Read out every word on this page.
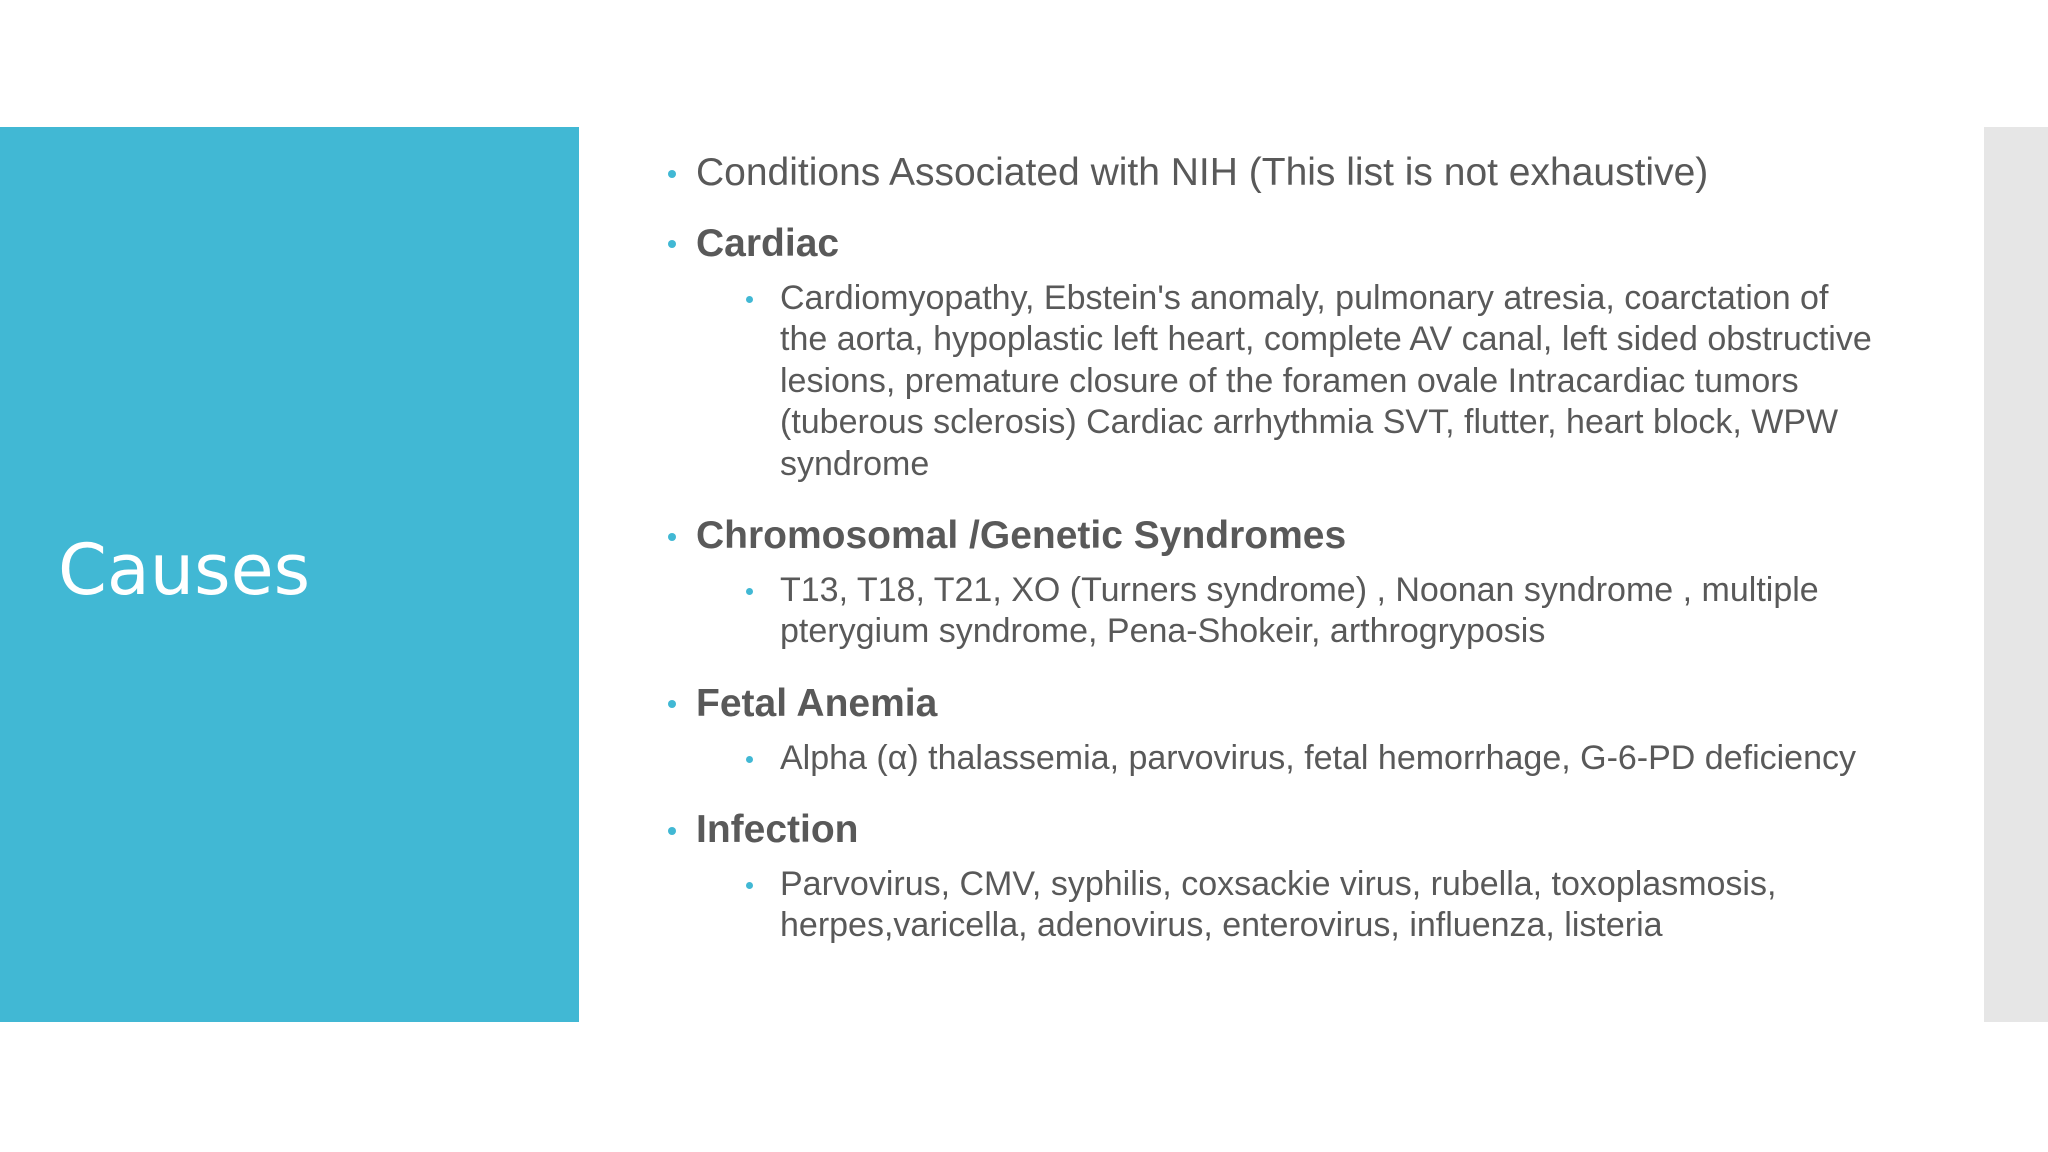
Causes
Conditions Associated with NIH (This list is not exhaustive)
Cardiac
Cardiomyopathy, Ebstein's anomaly, pulmonary atresia, coarctation of the aorta, hypoplastic left heart, complete AV canal, left sided obstructive lesions, premature closure of the foramen ovale Intracardiac tumors (tuberous sclerosis) Cardiac arrhythmia SVT, flutter, heart block, WPW syndrome
Chromosomal /Genetic Syndromes
T13, T18, T21, XO (Turners syndrome) , Noonan syndrome , multiple pterygium syndrome, Pena-Shokeir, arthrogryposis
Fetal Anemia
Alpha (α) thalassemia, parvovirus, fetal hemorrhage, G-6-PD deficiency
Infection
Parvovirus, CMV, syphilis, coxsackie virus, rubella, toxoplasmosis, herpes,varicella, adenovirus, enterovirus, influenza, listeria
